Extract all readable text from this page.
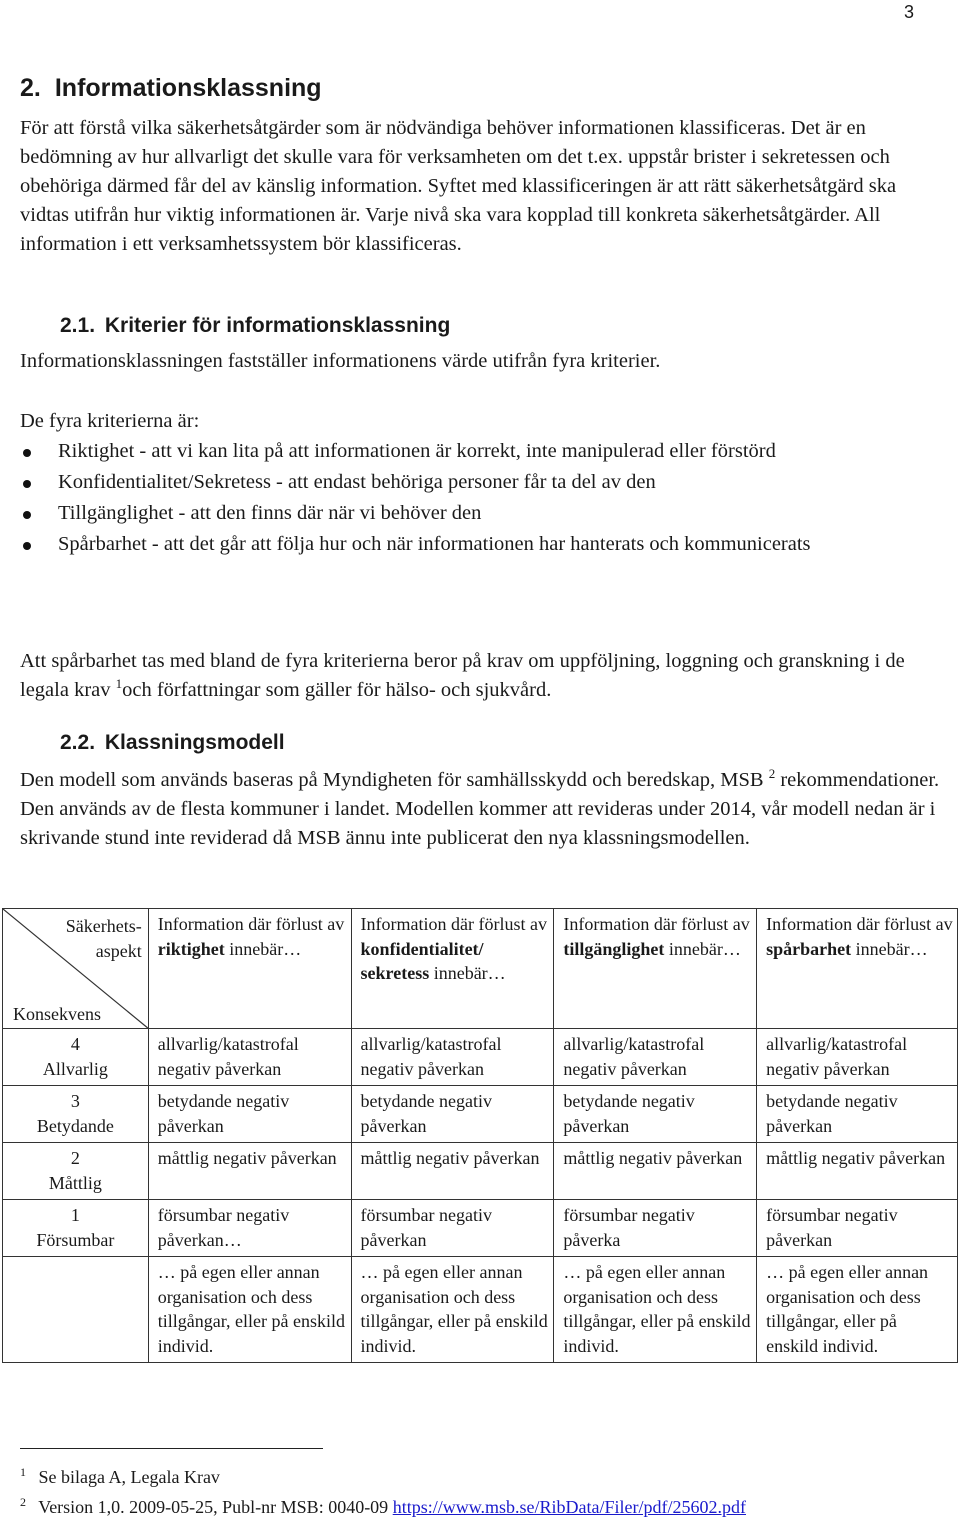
3
2. Informationsklassning

För att förstå vilka säkerhetsåtgärder som är nödvändiga behöver informationen klassificeras. Det är en bedömning av hur allvarligt det skulle vara för verksamheten om det t.ex. uppstår brister i sekretessen och obehöriga därmed får del av känslig information. Syftet med klassificeringen är att rätt säkerhetsåtgärd ska vidtas utifrån hur viktig informationen är. Varje nivå ska vara kopplad till konkreta säkerhetsåtgärder. All information i ett verksamhetssystem bör klassificeras.

2.1. Kriterier för informationsklassning

Informationsklassningen fastställer informationens värde utifrån fyra kriterier.

De fyra kriterierna är:

Riktighet - att vi kan lita på att informationen är korrekt, inte manipulerad eller förstörd
Konfidentialitet/Sekretess - att endast behöriga personer får ta del av den
Tillgänglighet - att den finns där när vi behöver den
Spårbarhet - att det går att följa hur och när informationen har hanterats och kommunicerats

Att spårbarhet tas med bland de fyra kriterierna beror på krav om uppföljning, loggning och granskning i de legala krav $^1$och författningar som gäller för hälso- och sjukvård.

2.2. Klassningsmodell

Den modell som används baseras på Myndigheten för samhällsskydd och beredskap, MSB $^2$ rekommendationer. Den används av de flesta kommuner i landet. Modellen kommer att revideras under 2014, vår modell nedan är i skrivande stund inte reviderad då MSB ännu inte publicerat den nya klassningsmodellen.

Säkerhets-
aspekt
Konsekvens	Information där förlust av riktighet innebär…	Information där förlust av konfidentialitet/ sekretess innebär…	Information där förlust av tillgänglighet innebär…	Information där förlust av spårbarhet innebär…
4
Allvarlig	allvarlig/katastrofal negativ påverkan	allvarlig/katastrofal negativ påverkan	allvarlig/katastrofal negativ påverkan	allvarlig/katastrofal negativ påverkan
3
Betydande	betydande negativ påverkan	betydande negativ påverkan	betydande negativ påverkan	betydande negativ påverkan
2
Måttlig	måttlig negativ påverkan	måttlig negativ påverkan	måttlig negativ påverkan	måttlig negativ påverkan
1
Försumbar	försumbar negativ påverkan…	försumbar negativ påverkan	försumbar negativ påverka	försumbar negativ påverkan
	… på egen eller annan organisation och dess tillgångar, eller på enskild individ.	… på egen eller annan organisation och dess tillgångar, eller på enskild individ.	… på egen eller annan organisation och dess tillgångar, eller på enskild individ.	… på egen eller annan organisation och dess tillgångar, eller på enskild individ.

$^1$ Se bilaga A, Legala Krav

$^2$ Version 1,0. 2009-05-25, Publ-nr MSB: 0040-09 https://www.msb.se/RibData/Filer/pdf/25602.pdf
